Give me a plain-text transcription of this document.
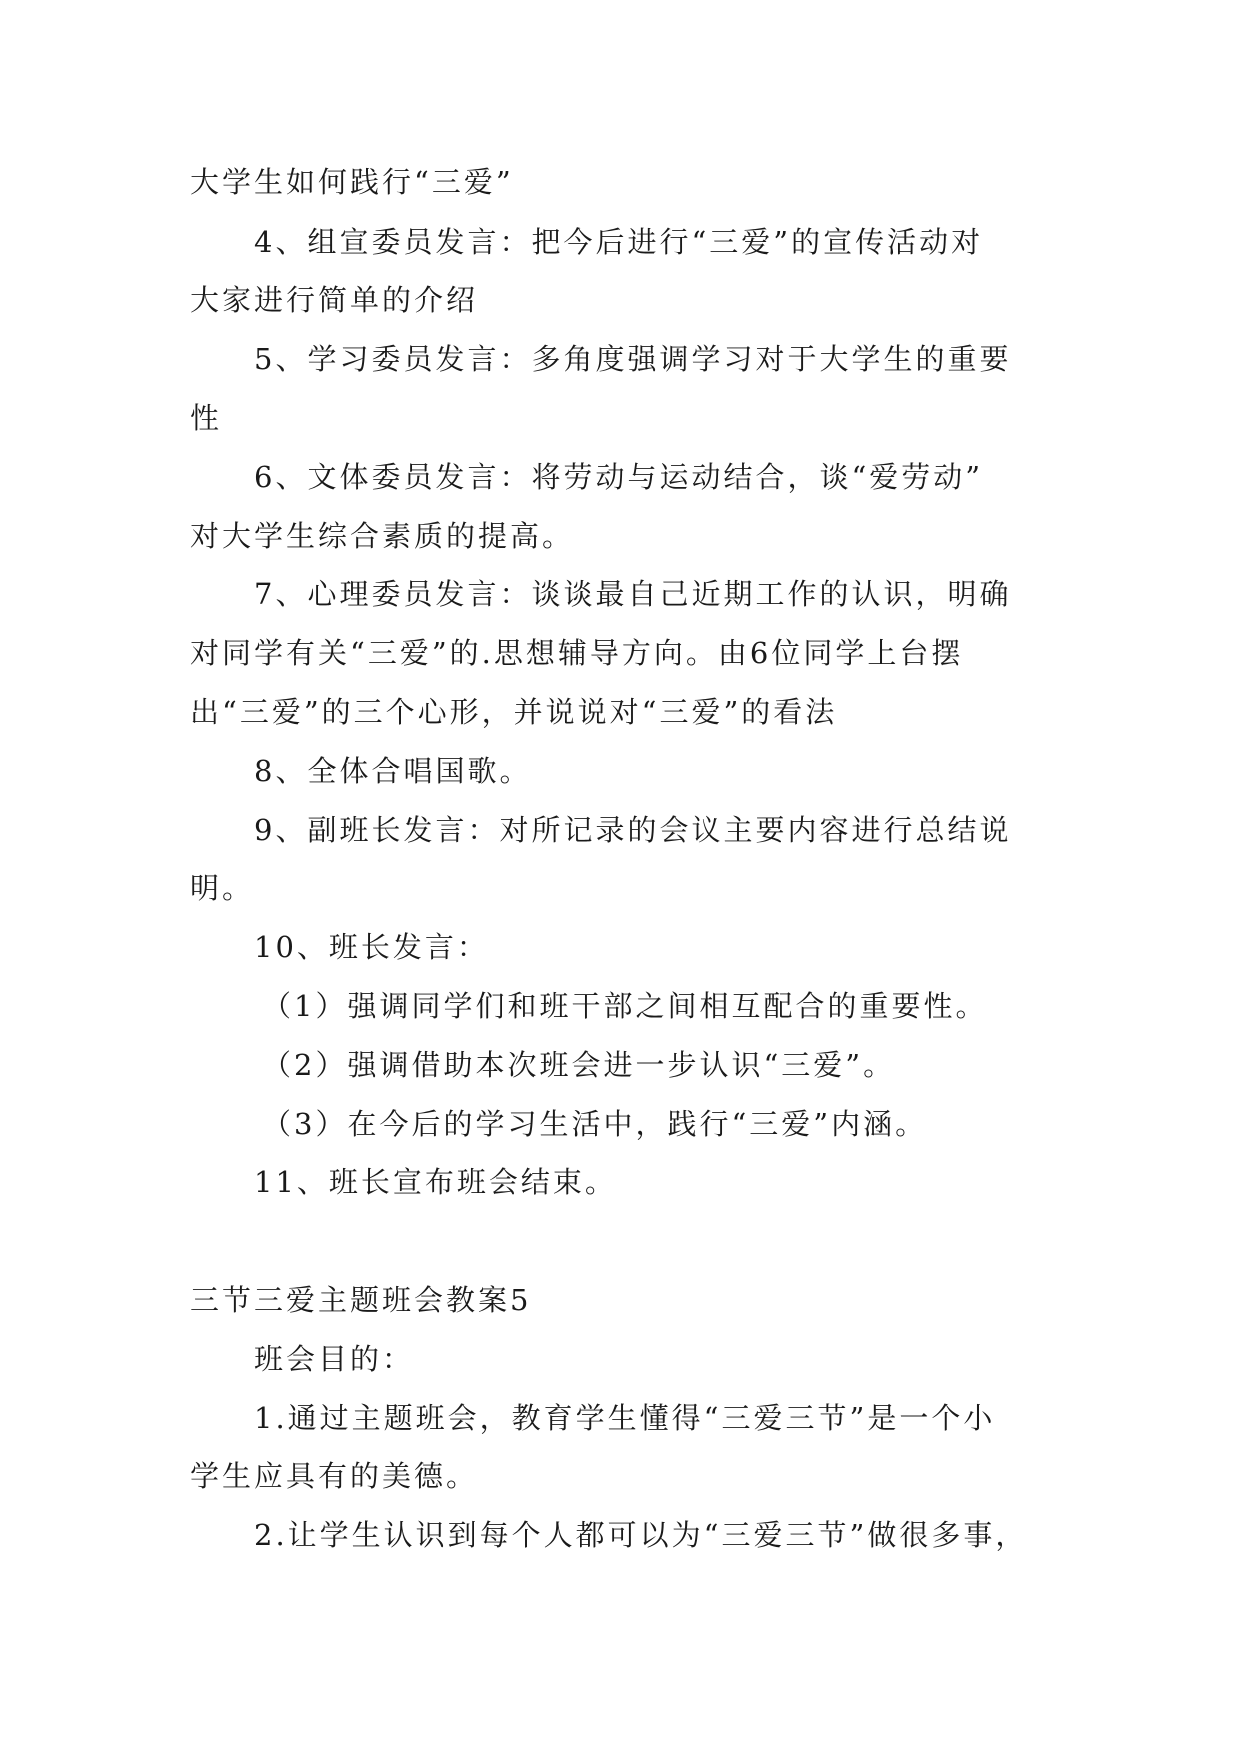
大学生如何践行“三爱”

4、组宣委员发言：把今后进行“三爱”的宣传活动对

大家进行简单的介绍

5、学习委员发言：多角度强调学习对于大学生的重要

性

6、文体委员发言：将劳动与运动结合，谈“爱劳动”

对大学生综合素质的提高。

7、心理委员发言：谈谈最自己近期工作的认识，明确

对同学有关“三爱”的.思想辅导方向。由6位同学上台摆

出“三爱”的三个心形，并说说对“三爱”的看法

8、全体合唱国歌。

9、副班长发言：对所记录的会议主要内容进行总结说

明。

10、班长发言：

（1）强调同学们和班干部之间相互配合的重要性。

（2）强调借助本次班会进一步认识“三爱”。

（3）在今后的学习生活中，践行“三爱”内涵。

11、班长宣布班会结束。

三节三爱主题班会教案5

班会目的：

1.通过主题班会，教育学生懂得“三爱三节”是一个小

学生应具有的美德。

2.让学生认识到每个人都可以为“三爱三节”做很多事，
